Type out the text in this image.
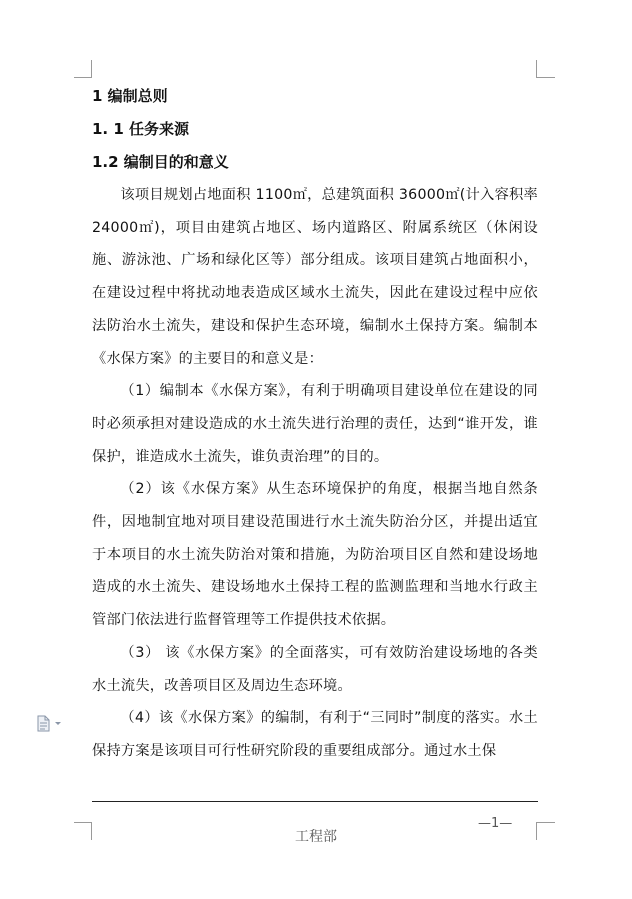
1 编制总则
1. 1 任务来源
1.2 编制目的和意义

该项目规划占地面积 1100㎡，总建筑面积 36000㎡(计入容积率 24000㎡)，项目由建筑占地区、场内道路区、附属系统区（休闲设施、游泳池、广场和绿化区等）部分组成。该项目建筑占地面积小，在建设过程中将扰动地表造成区域水土流失，因此在建设过程中应依法防治水土流失，建设和保护生态环境，编制水土保持方案。编制本《水保方案》的主要目的和意义是：

（1）编制本《水保方案》，有利于明确项目建设单位在建设的同时必须承担对建设造成的水土流失进行治理的责任，达到“谁开发，谁保护，谁造成水土流失，谁负责治理”的目的。

（2）该《水保方案》从生态环境保护的角度，根据当地自然条件，因地制宜地对项目建设范围进行水土流失防治分区，并提出适宜于本项目的水土流失防治对策和措施，为防治项目区自然和建设场地造成的水土流失、建设场地水土保持工程的监测监理和当地水行政主管部门依法进行监督管理等工作提供技术依据。

（3） 该《水保方案》的全面落实，可有效防治建设场地的各类水土流失，改善项目区及周边生态环境。

（4）该《水保方案》的编制，有利于“三同时”制度的落实。水土保持方案是该项目可行性研究阶段的重要组成部分。通过水土保

工程部
—1—
